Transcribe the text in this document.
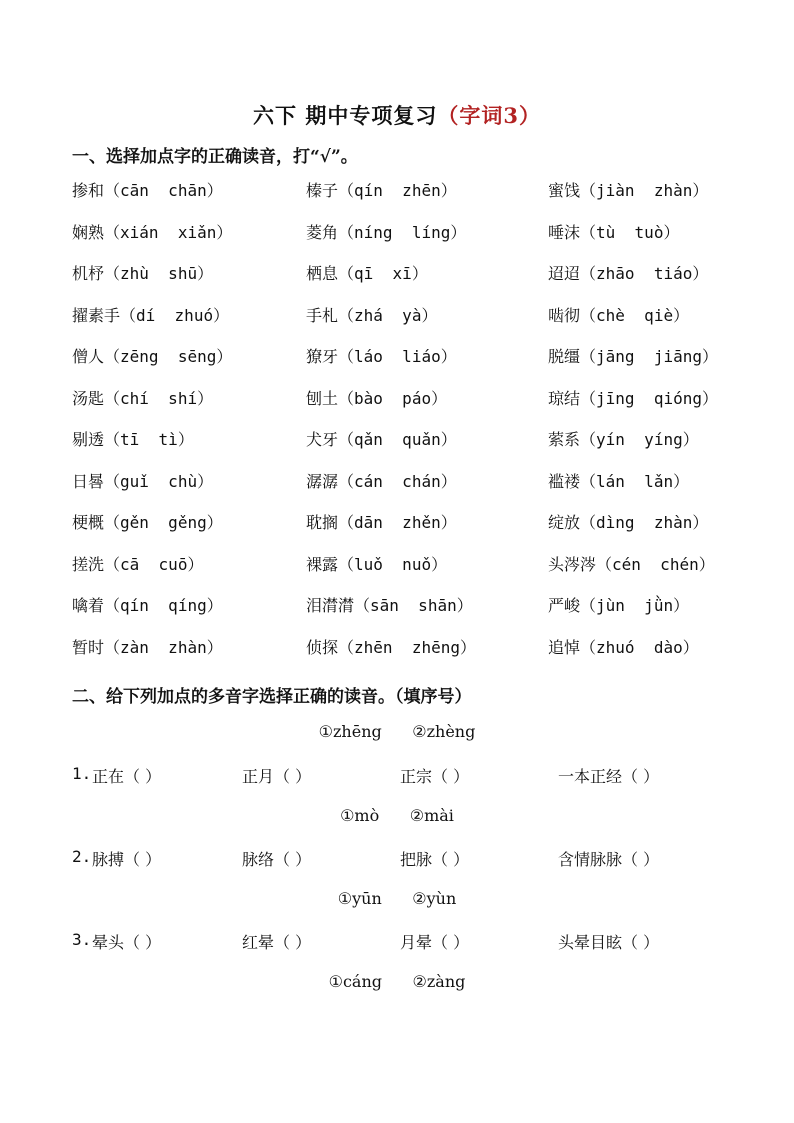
六下 期中专项复习（字词3）
一、选择加点字的正确读音，打“√”。
掺和（cān  chān）	榛子（qín  zhēn）	蜜饯（jiàn  zhàn）
娴熟（xián  xiǎn）	菱角（níng  líng）	唾沫（tù  tuò）
机杼（zhù  shū）	栖息（qī  xī）	迢迢（zhāo  tiáo）
擢素手（dí  zhuó）	手札（zhá  yà）	啮彻（chè  qiè）
僧人（zēng  sēng）	獠牙（láo  liáo）	脱缰（jāng  jiāng）
汤匙（chí  shí）	刨土（bào  páo）	琼结（jīng  qióng）
剔透（tī  tì）	犬牙（qǎn  quǎn）	萦系（yín  yíng）
日晷（guǐ  chù）	潺潺（cán  chán）	褴褛（lán  lǎn）
梗概（gěn  gěng）	耽搁（dān  zhěn）	绽放（dìng  zhàn）
搓洗（cā  cuō）	裸露（luǒ  nuǒ）	头涔涔（cén  chén）
噙着（qín  qíng）	泪潸潸（sān  shān）	严峻（jùn  jǜn）
暂时（zàn  zhàn）	侦探（zhēn  zhēng）	追悼（zhuó  dào）
二、给下列加点的多音字选择正确的读音。（填序号）
①zhēng      ②zhèng
1. 正在（ ）	正月（ ）	正宗（ ）	一本正经（ ）
①mò      ②mài
2. 脉搏（ ）	脉络（ ）	把脉（ ）	含情脉脉（ ）
①yūn      ②yùn
3. 晕头（ ）	红晕（ ）	月晕（ ）	头晕目眩（ ）
①cáng      ②zàng
